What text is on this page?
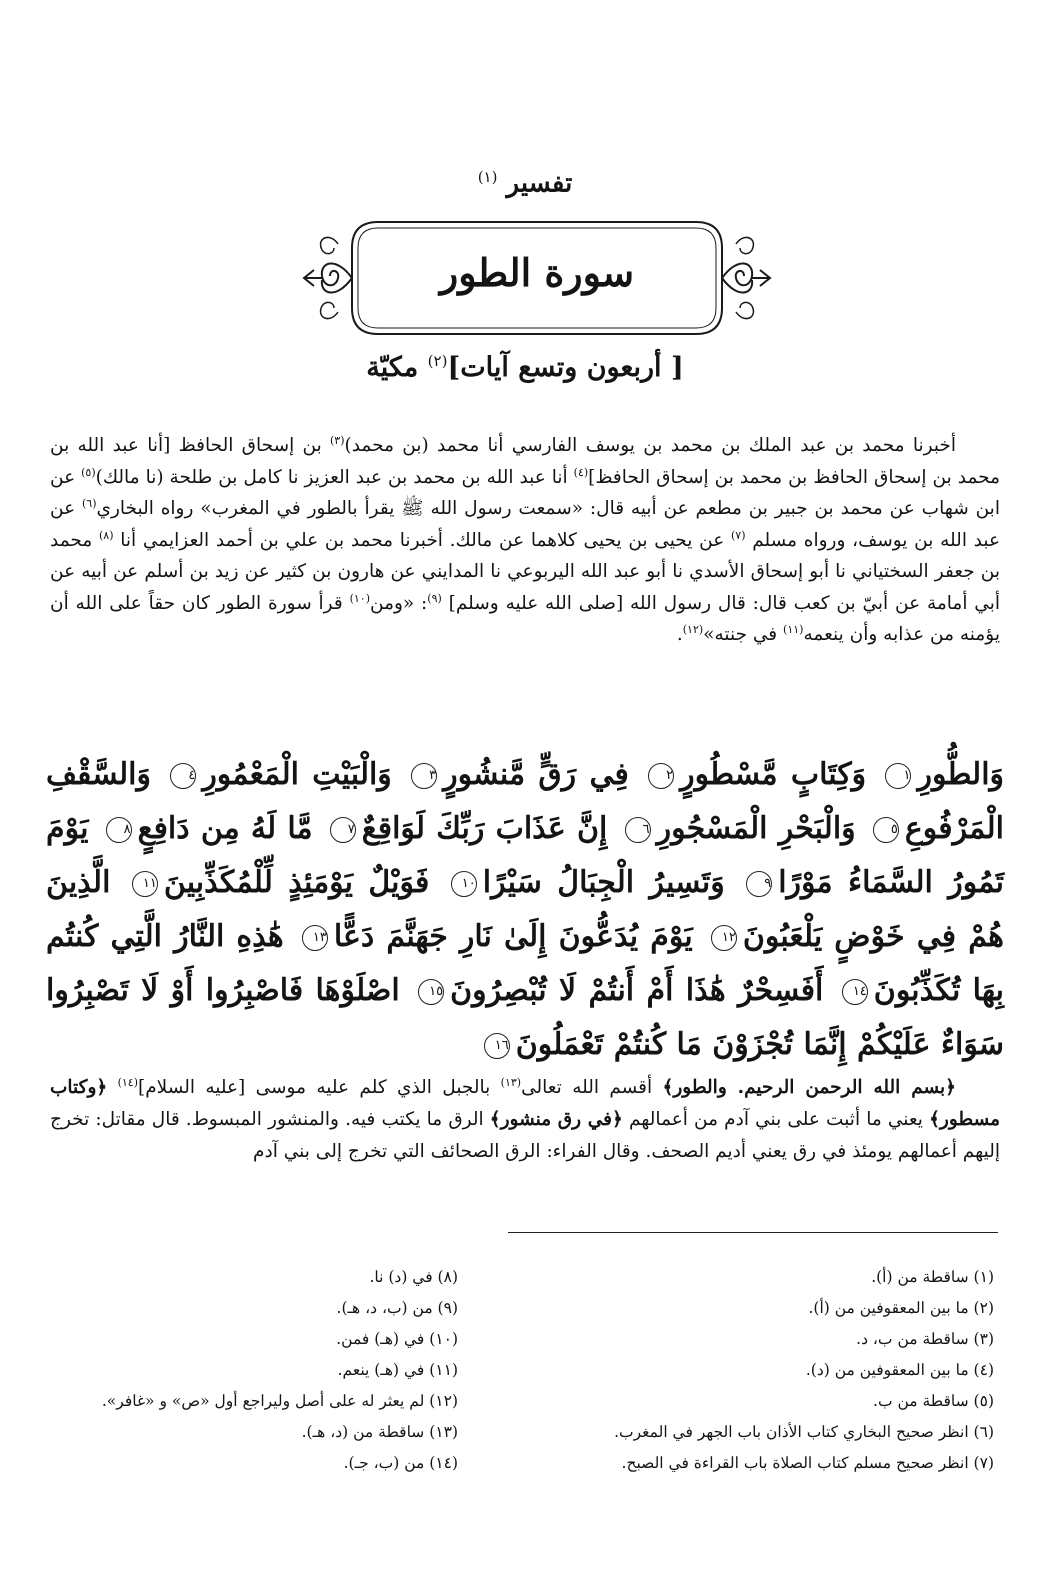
تفسير $^{(١)}$
سورة الطور
[ أربعون وتسع آيات]$^{(٢)}$ مكيّة

أخبرنا محمد بن عبد الملك بن محمد بن يوسف الفارسي أنا محمد (بن محمد)$^{(٣)}$ بن إسحاق الحافظ [أنا عبد الله بن محمد بن إسحاق الحافظ بن محمد بن إسحاق الحافظ]$^{(٤)}$ أنا عبد الله بن محمد بن عبد العزيز نا كامل بن طلحة (نا مالك)$^{(٥)}$ عن ابن شهاب عن محمد بن جبير بن مطعم عن أبيه قال: «سمعت رسول الله ﷺ يقرأ بالطور في المغرب» رواه البخاري$^{(٦)}$ عن عبد الله بن يوسف، ورواه مسلم $^{(٧)}$ عن يحيى بن يحيى كلاهما عن مالك. أخبرنا محمد بن علي بن أحمد العزايمي أنا $^{(٨)}$ محمد بن جعفر السختياني نا أبو إسحاق الأسدي نا أبو عبد الله اليربوعي نا المدايني عن هارون بن كثير عن زيد بن أسلم عن أبيه عن أبي أمامة عن أبيّ بن كعب قال: قال رسول الله [صلى الله عليه وسلم] $^{(٩)}$: «ومن$^{(١٠)}$ قرأ سورة الطور كان حقاً على الله أن يؤمنه من عذابه وأن ينعمه$^{(١١)}$ في جنته»$^{(١٢)}$.

وَالطُّورِ١ وَكِتَابٍ مَّسْطُورٍ٢ فِي رَقٍّ مَّنشُورٍ٣ وَالْبَيْتِ الْمَعْمُورِ٤ وَالسَّقْفِ الْمَرْفُوعِ٥ وَالْبَحْرِ الْمَسْجُورِ٦ إِنَّ عَذَابَ رَبِّكَ لَوَاقِعٌ٧ مَّا لَهُ مِن دَافِعٍ٨ يَوْمَ تَمُورُ السَّمَاءُ مَوْرًا٩ وَتَسِيرُ الْجِبَالُ سَيْرًا١٠ فَوَيْلٌ يَوْمَئِذٍ لِّلْمُكَذِّبِينَ١١ الَّذِينَ هُمْ فِي خَوْضٍ يَلْعَبُونَ١٢ يَوْمَ يُدَعُّونَ إِلَىٰ نَارِ جَهَنَّمَ دَعًّا١٣ هَٰذِهِ النَّارُ الَّتِي كُنتُم بِهَا تُكَذِّبُونَ١٤ أَفَسِحْرٌ هَٰذَا أَمْ أَنتُمْ لَا تُبْصِرُونَ١٥ اصْلَوْهَا فَاصْبِرُوا أَوْ لَا تَصْبِرُوا سَوَاءٌ عَلَيْكُمْ إِنَّمَا تُجْزَوْنَ مَا كُنتُمْ تَعْمَلُونَ١٦

﴿بسم الله الرحمن الرحيم. والطور﴾ أقسم الله تعالى$^{(١٣)}$ بالجبل الذي كلم عليه موسى [عليه السلام]$^{(١٤)}$ ﴿وكتاب مسطور﴾ يعني ما أثبت على بني آدم من أعمالهم ﴿في رق منشور﴾ الرق ما يكتب فيه. والمنشور المبسوط. قال مقاتل: تخرج إليهم أعمالهم يومئذ في رق يعني أديم الصحف. وقال الفراء: الرق الصحائف التي تخرج إلى بني آدم

(١) ساقطة من (أ).
(٢) ما بين المعقوفين من (أ).
(٣) ساقطة من ب، د.
(٤) ما بين المعقوفين من (د).
(٥) ساقطة من ب.
(٦) انظر صحيح البخاري كتاب الأذان باب الجهر في المغرب.
(٧) انظر صحيح مسلم كتاب الصلاة باب القراءة في الصبح.
(٨) في (د) نا.
(٩) من (ب، د، هـ).
(١٠) في (هـ) فمن.
(١١) في (هـ) ينعم.
(١٢) لم يعثر له على أصل وليراجع أول «ص» و «غافر».
(١٣) ساقطة من (د، هـ).
(١٤) من (ب، جـ).
